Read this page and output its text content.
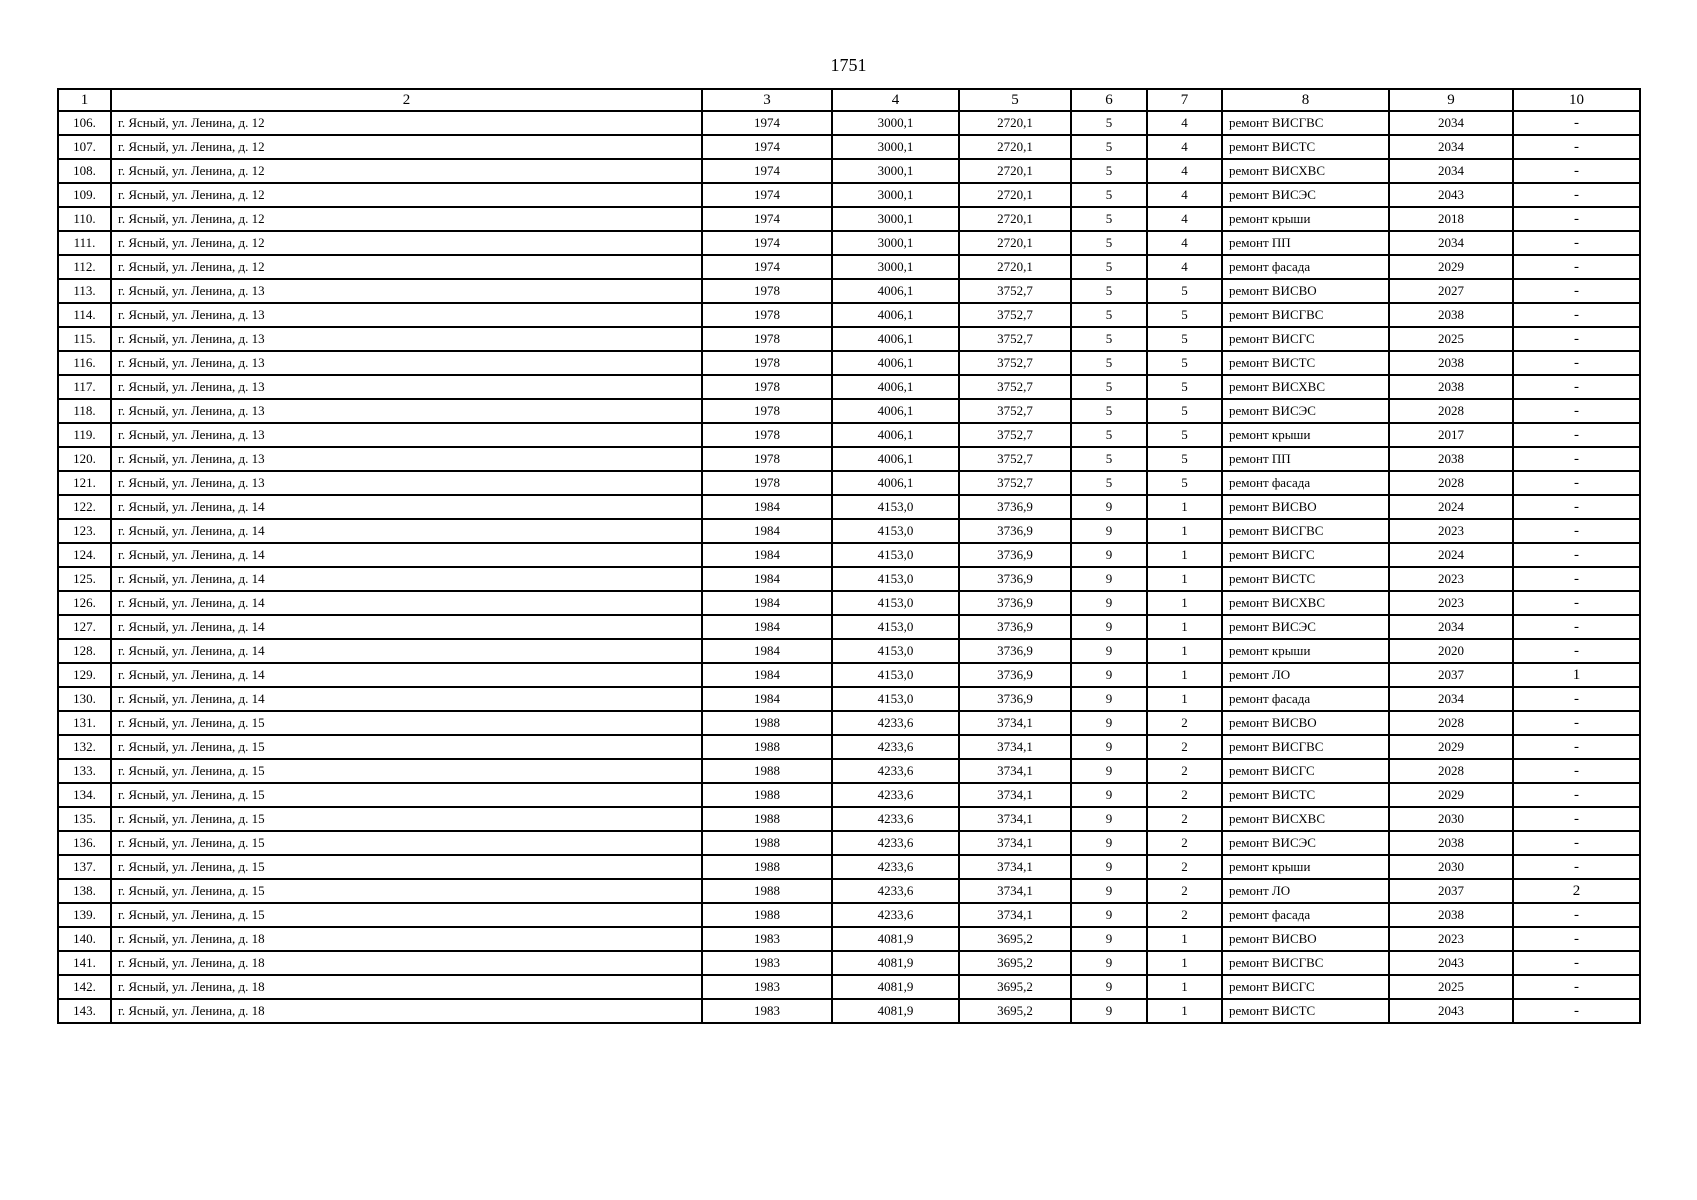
1751
1	2	3	4	5	6	7	8	9	10
106.	г. Ясный, ул. Ленина, д. 12	1974	3000,1	2720,1	5	4	ремонт ВИСГВС	2034	-
107.	г. Ясный, ул. Ленина, д. 12	1974	3000,1	2720,1	5	4	ремонт ВИСТС	2034	-
108.	г. Ясный, ул. Ленина, д. 12	1974	3000,1	2720,1	5	4	ремонт ВИСХВС	2034	-
109.	г. Ясный, ул. Ленина, д. 12	1974	3000,1	2720,1	5	4	ремонт ВИСЭС	2043	-
110.	г. Ясный, ул. Ленина, д. 12	1974	3000,1	2720,1	5	4	ремонт крыши	2018	-
111.	г. Ясный, ул. Ленина, д. 12	1974	3000,1	2720,1	5	4	ремонт ПП	2034	-
112.	г. Ясный, ул. Ленина, д. 12	1974	3000,1	2720,1	5	4	ремонт фасада	2029	-
113.	г. Ясный, ул. Ленина, д. 13	1978	4006,1	3752,7	5	5	ремонт ВИСВО	2027	-
114.	г. Ясный, ул. Ленина, д. 13	1978	4006,1	3752,7	5	5	ремонт ВИСГВС	2038	-
115.	г. Ясный, ул. Ленина, д. 13	1978	4006,1	3752,7	5	5	ремонт ВИСГС	2025	-
116.	г. Ясный, ул. Ленина, д. 13	1978	4006,1	3752,7	5	5	ремонт ВИСТС	2038	-
117.	г. Ясный, ул. Ленина, д. 13	1978	4006,1	3752,7	5	5	ремонт ВИСХВС	2038	-
118.	г. Ясный, ул. Ленина, д. 13	1978	4006,1	3752,7	5	5	ремонт ВИСЭС	2028	-
119.	г. Ясный, ул. Ленина, д. 13	1978	4006,1	3752,7	5	5	ремонт крыши	2017	-
120.	г. Ясный, ул. Ленина, д. 13	1978	4006,1	3752,7	5	5	ремонт ПП	2038	-
121.	г. Ясный, ул. Ленина, д. 13	1978	4006,1	3752,7	5	5	ремонт фасада	2028	-
122.	г. Ясный, ул. Ленина, д. 14	1984	4153,0	3736,9	9	1	ремонт ВИСВО	2024	-
123.	г. Ясный, ул. Ленина, д. 14	1984	4153,0	3736,9	9	1	ремонт ВИСГВС	2023	-
124.	г. Ясный, ул. Ленина, д. 14	1984	4153,0	3736,9	9	1	ремонт ВИСГС	2024	-
125.	г. Ясный, ул. Ленина, д. 14	1984	4153,0	3736,9	9	1	ремонт ВИСТС	2023	-
126.	г. Ясный, ул. Ленина, д. 14	1984	4153,0	3736,9	9	1	ремонт ВИСХВС	2023	-
127.	г. Ясный, ул. Ленина, д. 14	1984	4153,0	3736,9	9	1	ремонт ВИСЭС	2034	-
128.	г. Ясный, ул. Ленина, д. 14	1984	4153,0	3736,9	9	1	ремонт крыши	2020	-
129.	г. Ясный, ул. Ленина, д. 14	1984	4153,0	3736,9	9	1	ремонт ЛО	2037	1
130.	г. Ясный, ул. Ленина, д. 14	1984	4153,0	3736,9	9	1	ремонт фасада	2034	-
131.	г. Ясный, ул. Ленина, д. 15	1988	4233,6	3734,1	9	2	ремонт ВИСВО	2028	-
132.	г. Ясный, ул. Ленина, д. 15	1988	4233,6	3734,1	9	2	ремонт ВИСГВС	2029	-
133.	г. Ясный, ул. Ленина, д. 15	1988	4233,6	3734,1	9	2	ремонт ВИСГС	2028	-
134.	г. Ясный, ул. Ленина, д. 15	1988	4233,6	3734,1	9	2	ремонт ВИСТС	2029	-
135.	г. Ясный, ул. Ленина, д. 15	1988	4233,6	3734,1	9	2	ремонт ВИСХВС	2030	-
136.	г. Ясный, ул. Ленина, д. 15	1988	4233,6	3734,1	9	2	ремонт ВИСЭС	2038	-
137.	г. Ясный, ул. Ленина, д. 15	1988	4233,6	3734,1	9	2	ремонт крыши	2030	-
138.	г. Ясный, ул. Ленина, д. 15	1988	4233,6	3734,1	9	2	ремонт ЛО	2037	2
139.	г. Ясный, ул. Ленина, д. 15	1988	4233,6	3734,1	9	2	ремонт фасада	2038	-
140.	г. Ясный, ул. Ленина, д. 18	1983	4081,9	3695,2	9	1	ремонт ВИСВО	2023	-
141.	г. Ясный, ул. Ленина, д. 18	1983	4081,9	3695,2	9	1	ремонт ВИСГВС	2043	-
142.	г. Ясный, ул. Ленина, д. 18	1983	4081,9	3695,2	9	1	ремонт ВИСГС	2025	-
143.	г. Ясный, ул. Ленина, д. 18	1983	4081,9	3695,2	9	1	ремонт ВИСТС	2043	-
